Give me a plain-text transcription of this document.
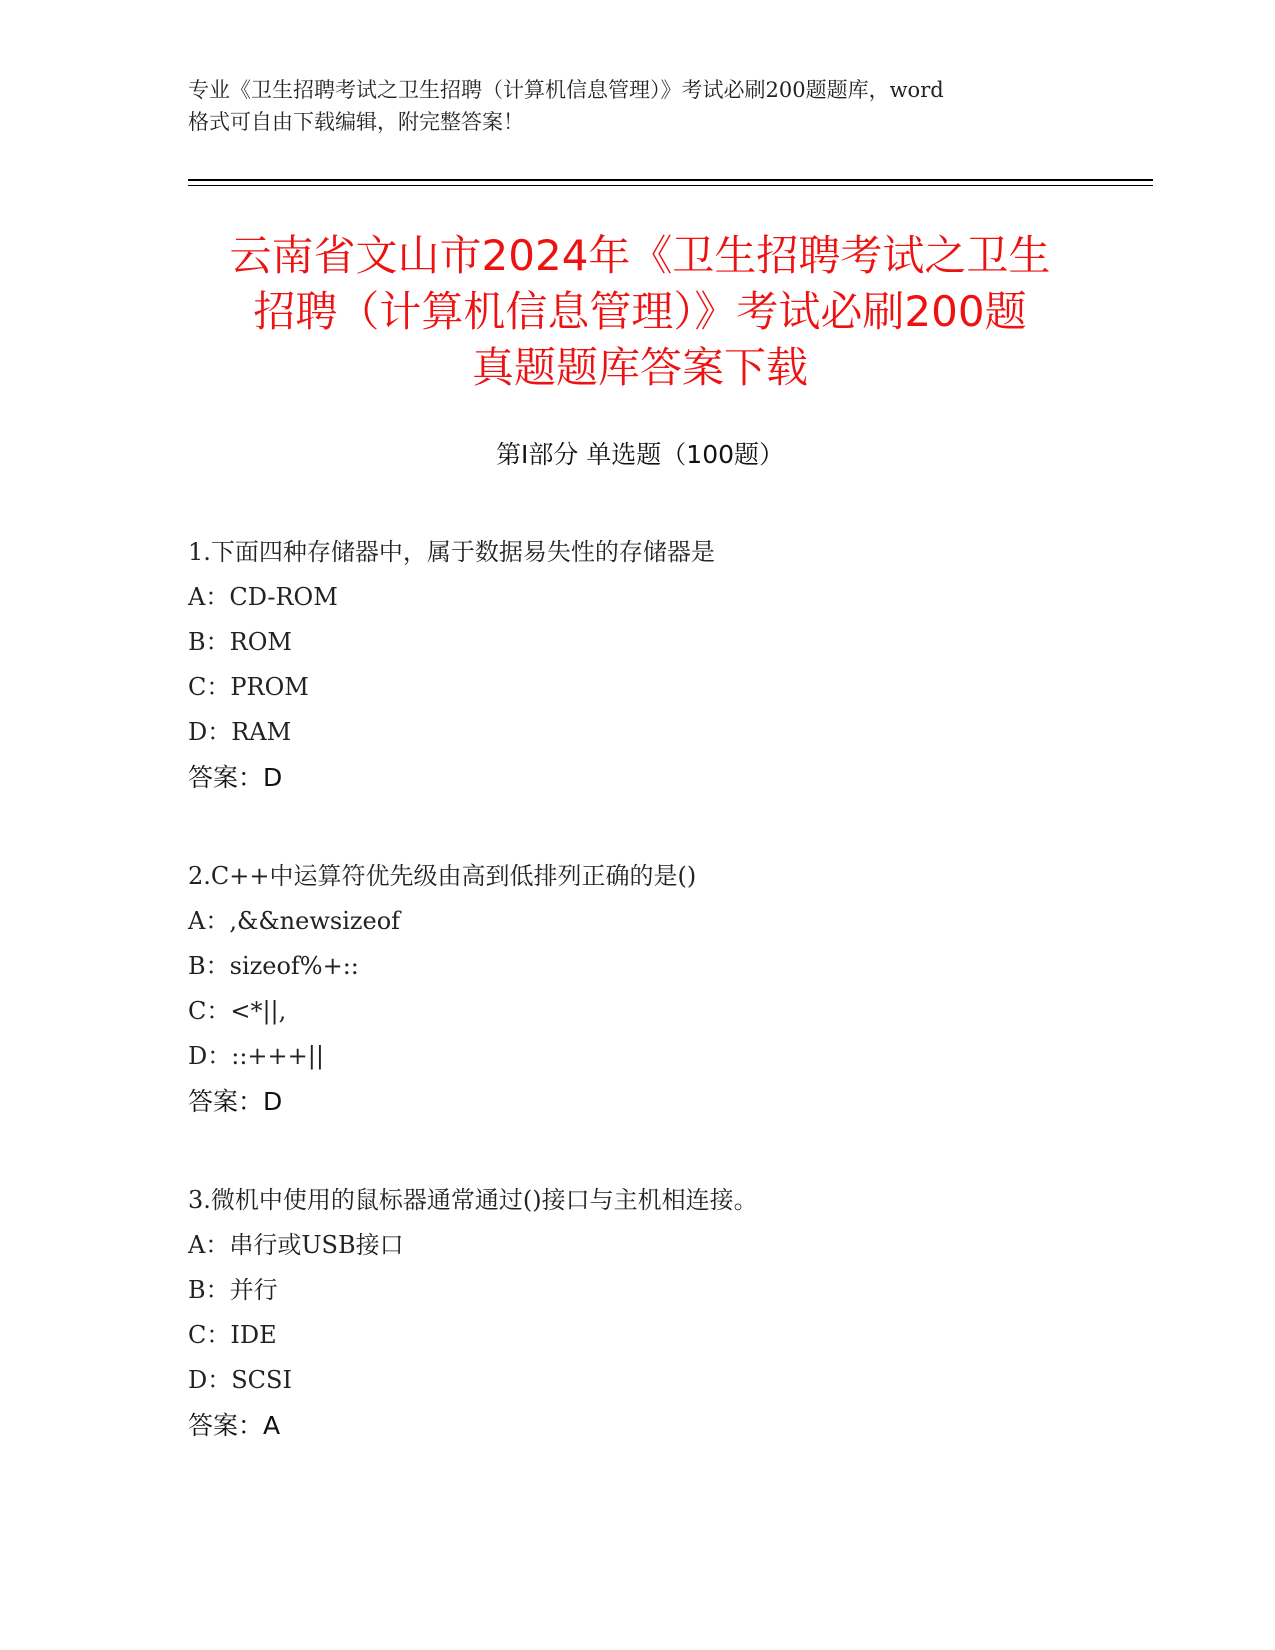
专业《卫生招聘考试之卫生招聘（计算机信息管理）》考试必刷200题题库，word
格式可自由下载编辑，附完整答案！
云南省文山市2024年《卫生招聘考试之卫生
招聘（计算机信息管理）》考试必刷200题
真题题库答案下载
第Ⅰ部分 单选题（100题）
1.下面四种存储器中，属于数据易失性的存储器是
A：CD-ROM
B：ROM
C：PROM
D：RAM
答案：D
2.C++中运算符优先级由高到低排列正确的是()
A：,&&newsizeof
B：sizeof%+::
C：<*||,
D：::+++||
答案：D
3.微机中使用的鼠标器通常通过()接口与主机相连接。
A：串行或USB接口
B：并行
C：IDE
D：SCSI
答案：A
